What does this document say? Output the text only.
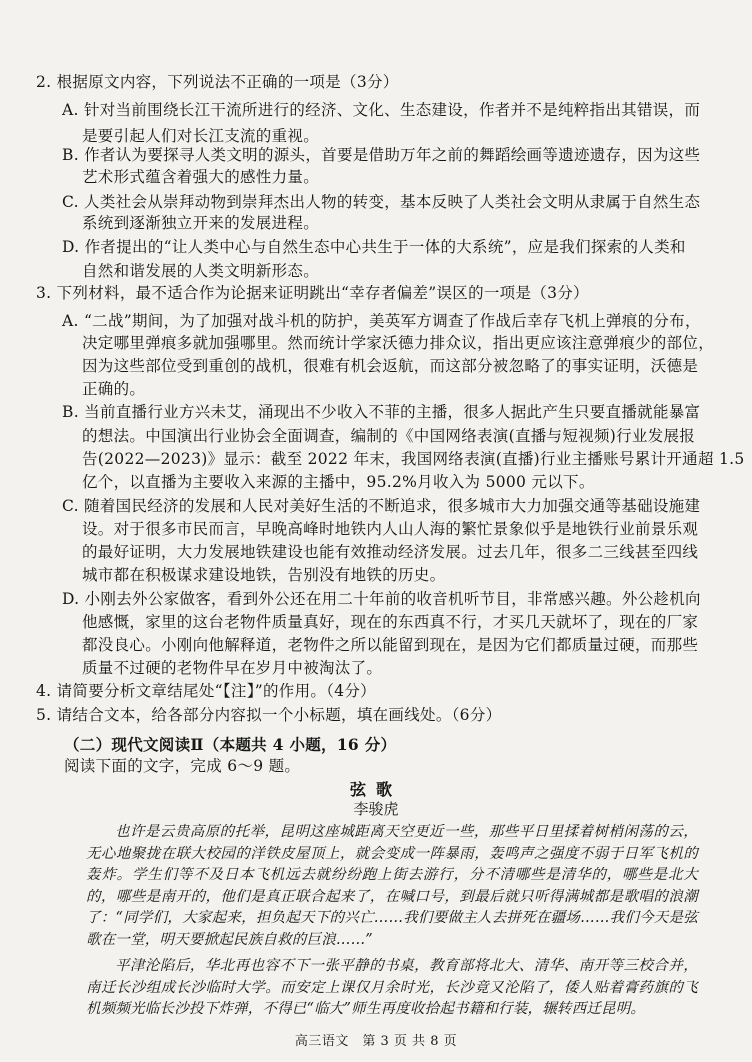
2. 根据原文内容，下列说法不正确的一项是（3分）
A. 针对当前围绕长江干流所进行的经济、文化、生态建设，作者并不是纯粹指出其错误，而
是要引起人们对长江支流的重视。
B. 作者认为要探寻人类文明的源头，首要是借助万年之前的舞蹈绘画等遗迹遗存，因为这些
艺术形式蕴含着强大的感性力量。
C. 人类社会从崇拜动物到崇拜杰出人物的转变，基本反映了人类社会文明从隶属于自然生态
系统到逐渐独立开来的发展进程。
D. 作者提出的“让人类中心与自然生态中心共生于一体的大系统”，应是我们探索的人类和
自然和谐发展的人类文明新形态。
3. 下列材料，最不适合作为论据来证明跳出“幸存者偏差”误区的一项是（3分）
A. “二战”期间，为了加强对战斗机的防护，美英军方调查了作战后幸存飞机上弹痕的分布，
决定哪里弹痕多就加强哪里。然而统计学家沃德力排众议，指出更应该注意弹痕少的部位，
因为这些部位受到重创的战机，很难有机会返航，而这部分被忽略了的事实证明，沃德是
正确的。
B. 当前直播行业方兴未艾，涌现出不少收入不菲的主播，很多人据此产生只要直播就能暴富
的想法。中国演出行业协会全面调查，编制的《中国网络表演(直播与短视频)行业发展报
告(2022—2023)》显示：截至 2022 年末，我国网络表演(直播)行业主播账号累计开通超 1.5
亿个，以直播为主要收入来源的主播中，95.2%月收入为 5000 元以下。
C. 随着国民经济的发展和人民对美好生活的不断追求，很多城市大力加强交通等基础设施建
设。对于很多市民而言，早晚高峰时地铁内人山人海的繁忙景象似乎是地铁行业前景乐观
的最好证明，大力发展地铁建设也能有效推动经济发展。过去几年，很多二三线甚至四线
城市都在积极谋求建设地铁，告别没有地铁的历史。
D. 小刚去外公家做客，看到外公还在用二十年前的收音机听节目，非常感兴趣。外公趁机向
他感慨，家里的这台老物件质量真好，现在的东西真不行，才买几天就坏了，现在的厂家
都没良心。小刚向他解释道，老物件之所以能留到现在，是因为它们都质量过硬，而那些
质量不过硬的老物件早在岁月中被淘汰了。
4. 请简要分析文章结尾处“【注】”的作用。（4分）
5. 请结合文本，给各部分内容拟一个小标题，填在画线处。（6分）
（二）现代文阅读Ⅱ（本题共 4 小题，16 分）
阅读下面的文字，完成 6～9 题。
弦歌
李骏虎
也许是云贵高原的托举，昆明这座城距离天空更近一些，那些平日里揉着树梢闲荡的云，无心地聚拢在联大校园的洋铁皮屋顶上，就会变成一阵暴雨，轰鸣声之强度不弱于日军飞机的轰炸。学生们等不及日本飞机远去就纷纷跑上街去游行，分不清哪些是清华的，哪些是北大的，哪些是南开的，他们是真正联合起来了，在喊口号，到最后就只听得满城都是歌唱的浪潮了：“同学们，大家起来，担负起天下的兴亡……我们要做主人去拼死在疆场……我们今天是弦歌在一堂，明天要掀起民族自救的巨浪……”
平津沦陷后，华北再也容不下一张平静的书桌，教育部将北大、清华、南开等三校合并，南迁长沙组成长沙临时大学。而安定上课仅月余时光，长沙竟又沦陷了，倭人贴着膏药旗的飞机频频光临长沙投下炸弹，不得已“临大”师生再度收拾起书籍和行装，辗转西迁昆明。
高三语文　第 3 页 共 8 页
